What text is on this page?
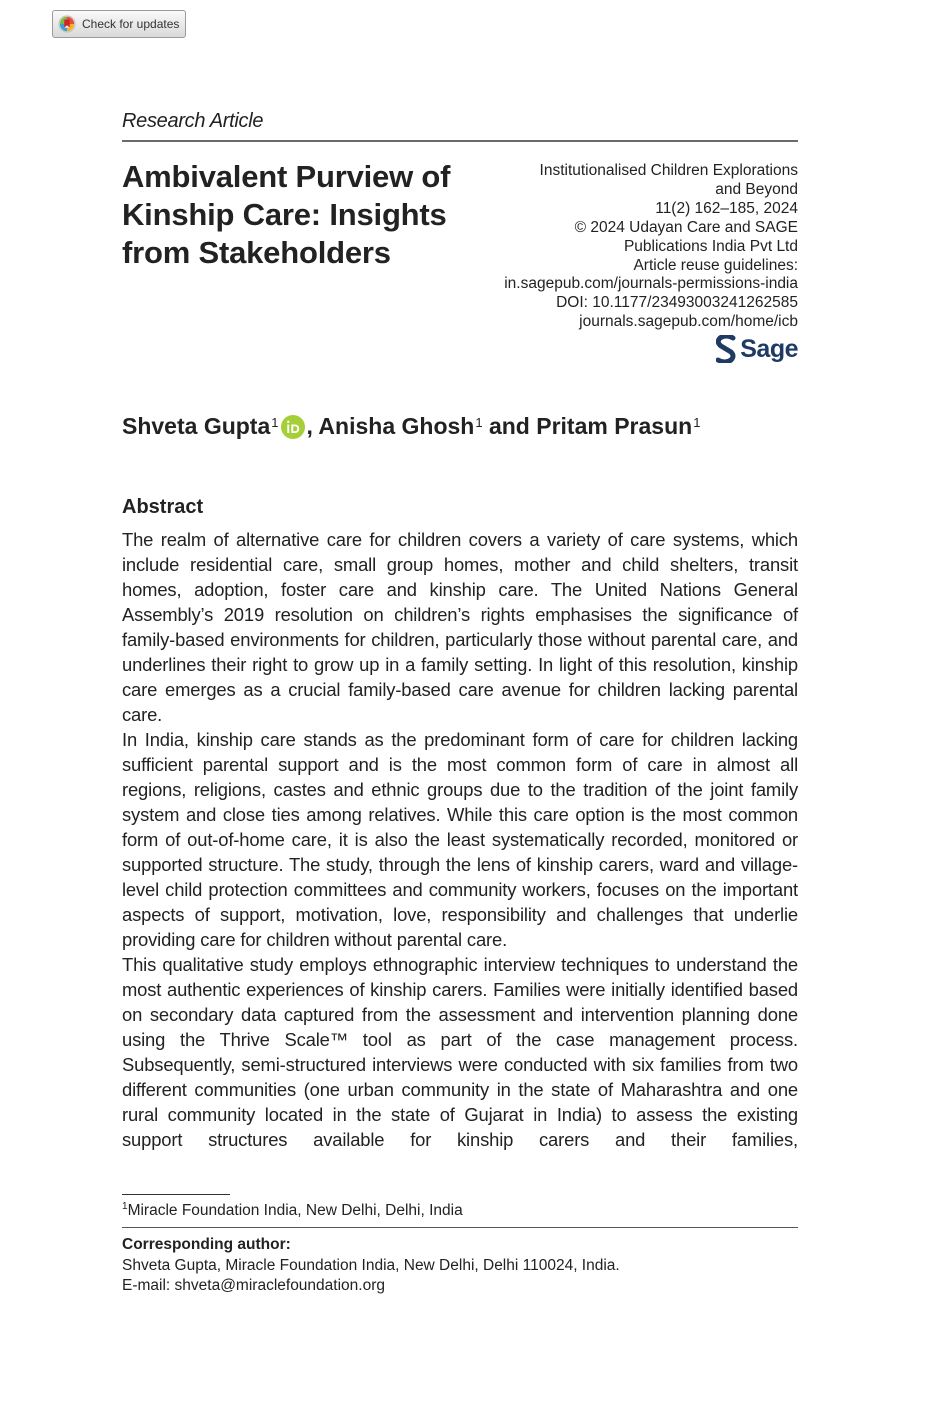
Check for updates
Research Article
Ambivalent Purview of Kinship Care: Insights from Stakeholders
Institutionalised Children Explorations
and Beyond
11(2) 162–185, 2024
© 2024 Udayan Care and SAGE
Publications India Pvt Ltd
Article reuse guidelines:
in.sagepub.com/journals-permissions-india
DOI: 10.1177/23493003241262585
journals.sagepub.com/home/icb
Sage
Shveta Gupta$^1$ , Anisha Ghosh$^1$ and Pritam Prasun$^1$
Abstract

The realm of alternative care for children covers a variety of care systems, which include residential care, small group homes, mother and child shelters, transit homes, adoption, foster care and kinship care. The United Nations General Assembly’s 2019 resolution on children’s rights emphasises the significance of family-based environments for children, particularly those without parental care, and underlines their right to grow up in a family setting. In light of this resolution, kinship care emerges as a crucial family-based care avenue for children lacking parental care.

In India, kinship care stands as the predominant form of care for children lacking sufficient parental support and is the most common form of care in almost all regions, religions, castes and ethnic groups due to the tradition of the joint family system and close ties among relatives. While this care option is the most common form of out-of-home care, it is also the least systematically recorded, monitored or supported structure. The study, through the lens of kinship carers, ward and village-level child protection committees and community workers, focuses on the important aspects of support, motivation, love, responsibility and challenges that underlie providing care for children without parental care.

This qualitative study employs ethnographic interview techniques to understand the most authentic experiences of kinship carers. Families were initially identified based on secondary data captured from the assessment and intervention planning done using the Thrive Scale™ tool as part of the case management process. Subsequently, semi-structured interviews were conducted with six families from two different communities (one urban community in the state of Maharashtra and one rural community located in the state of Gujarat in India) to assess the existing support structures available for kinship carers and their families,

$^1$Miracle Foundation India, New Delhi, Delhi, India
Corresponding author:
Shveta Gupta, Miracle Foundation India, New Delhi, Delhi 110024, India.
E-mail: shveta@miraclefoundation.org
